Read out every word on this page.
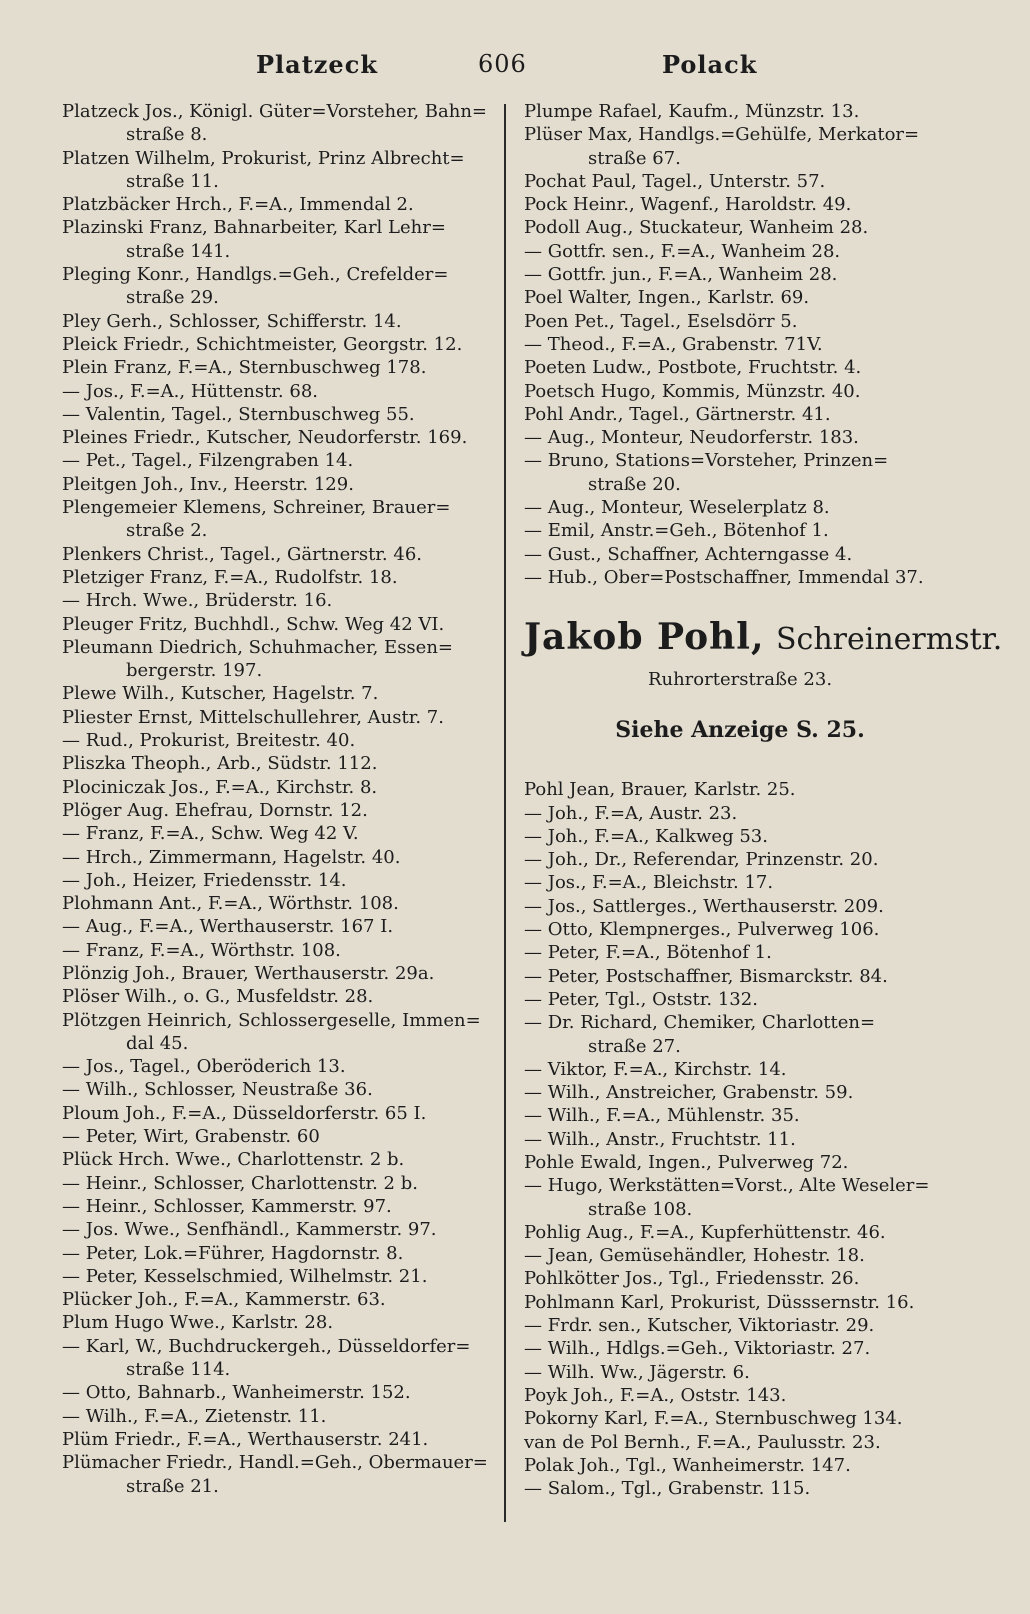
Platzeck	606	Polack
Platzeck Jos., Königl. Güter=Vorsteher, Bahn=
straße 8.
Platzen Wilhelm, Prokurist, Prinz Albrecht=
straße 11.
Platzbäcker Hrch., F.=A., Immendal 2.
Plazinski Franz, Bahnarbeiter, Karl Lehr=
straße 141.
Pleging Konr., Handlgs.=Geh., Crefelder=
straße 29.
Pley Gerh., Schlosser, Schifferstr. 14.
Pleick Friedr., Schichtmeister, Georgstr. 12.
Plein Franz, F.=A., Sternbuschweg 178.
— Jos., F.=A., Hüttenstr. 68.
— Valentin, Tagel., Sternbuschweg 55.
Pleines Friedr., Kutscher, Neudorferstr. 169.
— Pet., Tagel., Filzengraben 14.
Pleitgen Joh., Inv., Heerstr. 129.
Plengemeier Klemens, Schreiner, Brauer=
straße 2.
Plenkers Christ., Tagel., Gärtnerstr. 46.
Pletziger Franz, F.=A., Rudolfstr. 18.
— Hrch. Wwe., Brüderstr. 16.
Pleuger Fritz, Buchhdl., Schw. Weg 42 VI.
Pleumann Diedrich, Schuhmacher, Essen=
bergerstr. 197.
Plewe Wilh., Kutscher, Hagelstr. 7.
Pliester Ernst, Mittelschullehrer, Austr. 7.
— Rud., Prokurist, Breitestr. 40.
Pliszka Theoph., Arb., Südstr. 112.
Plociniczak Jos., F.=A., Kirchstr. 8.
Plöger Aug. Ehefrau, Dornstr. 12.
— Franz, F.=A., Schw. Weg 42 V.
— Hrch., Zimmermann, Hagelstr. 40.
— Joh., Heizer, Friedensstr. 14.
Plohmann Ant., F.=A., Wörthstr. 108.
— Aug., F.=A., Werthauserstr. 167 I.
— Franz, F.=A., Wörthstr. 108.
Plönzig Joh., Brauer, Werthauserstr. 29a.
Plöser Wilh., o. G., Musfeldstr. 28.
Plötzgen Heinrich, Schlossergeselle, Immen=
dal 45.
— Jos., Tagel., Oberöderich 13.
— Wilh., Schlosser, Neustraße 36.
Ploum Joh., F.=A., Düsseldorferstr. 65 I.
— Peter, Wirt, Grabenstr. 60
Plück Hrch. Wwe., Charlottenstr. 2 b.
— Heinr., Schlosser, Charlottenstr. 2 b.
— Heinr., Schlosser, Kammerstr. 97.
— Jos. Wwe., Senfhändl., Kammerstr. 97.
— Peter, Lok.=Führer, Hagdornstr. 8.
— Peter, Kesselschmied, Wilhelmstr. 21.
Plücker Joh., F.=A., Kammerstr. 63.
Plum Hugo Wwe., Karlstr. 28.
— Karl, W., Buchdruckergeh., Düsseldorfer=
straße 114.
— Otto, Bahnarb., Wanheimerstr. 152.
— Wilh., F.=A., Zietenstr. 11.
Plüm Friedr., F.=A., Werthauserstr. 241.
Plümacher Friedr., Handl.=Geh., Obermauer=
straße 21.
Plumpe Rafael, Kaufm., Münzstr. 13.
Plüser Max, Handlgs.=Gehülfe, Merkator=
straße 67.
Pochat Paul, Tagel., Unterstr. 57.
Pock Heinr., Wagenf., Haroldstr. 49.
Podoll Aug., Stuckateur, Wanheim 28.
— Gottfr. sen., F.=A., Wanheim 28.
— Gottfr. jun., F.=A., Wanheim 28.
Poel Walter, Ingen., Karlstr. 69.
Poen Pet., Tagel., Eselsdörr 5.
— Theod., F.=A., Grabenstr. 71V.
Poeten Ludw., Postbote, Fruchtstr. 4.
Poetsch Hugo, Kommis, Münzstr. 40.
Pohl Andr., Tagel., Gärtnerstr. 41.
— Aug., Monteur, Neudorferstr. 183.
— Bruno, Stations=Vorsteher, Prinzen=
straße 20.
— Aug., Monteur, Weselerplatz 8.
— Emil, Anstr.=Geh., Bötenhof 1.
— Gust., Schaffner, Achterngasse 4.
— Hub., Ober=Postschaffner, Immendal 37.
Jakob Pohl, Schreinermstr.
Ruhrorterstraße 23.
Siehe Anzeige S. 25.
Pohl Jean, Brauer, Karlstr. 25.
— Joh., F.=A, Austr. 23.
— Joh., F.=A., Kalkweg 53.
— Joh., Dr., Referendar, Prinzenstr. 20.
— Jos., F.=A., Bleichstr. 17.
— Jos., Sattlerges., Werthauserstr. 209.
— Otto, Klempnerges., Pulverweg 106.
— Peter, F.=A., Bötenhof 1.
— Peter, Postschaffner, Bismarckstr. 84.
— Peter, Tgl., Oststr. 132.
— Dr. Richard, Chemiker, Charlotten=
straße 27.
— Viktor, F.=A., Kirchstr. 14.
— Wilh., Anstreicher, Grabenstr. 59.
— Wilh., F.=A., Mühlenstr. 35.
— Wilh., Anstr., Fruchtstr. 11.
Pohle Ewald, Ingen., Pulverweg 72.
— Hugo, Werkstätten=Vorst., Alte Weseler=
straße 108.
Pohlig Aug., F.=A., Kupferhüttenstr. 46.
— Jean, Gemüsehändler, Hohestr. 18.
Pohlkötter Jos., Tgl., Friedensstr. 26.
Pohlmann Karl, Prokurist, Düsssernstr. 16.
— Frdr. sen., Kutscher, Viktoriastr. 29.
— Wilh., Hdlgs.=Geh., Viktoriastr. 27.
— Wilh. Ww., Jägerstr. 6.
Poyk Joh., F.=A., Oststr. 143.
Pokorny Karl, F.=A., Sternbuschweg 134.
van de Pol Bernh., F.=A., Paulusstr. 23.
Polak Joh., Tgl., Wanheimerstr. 147.
— Salom., Tgl., Grabenstr. 115.
